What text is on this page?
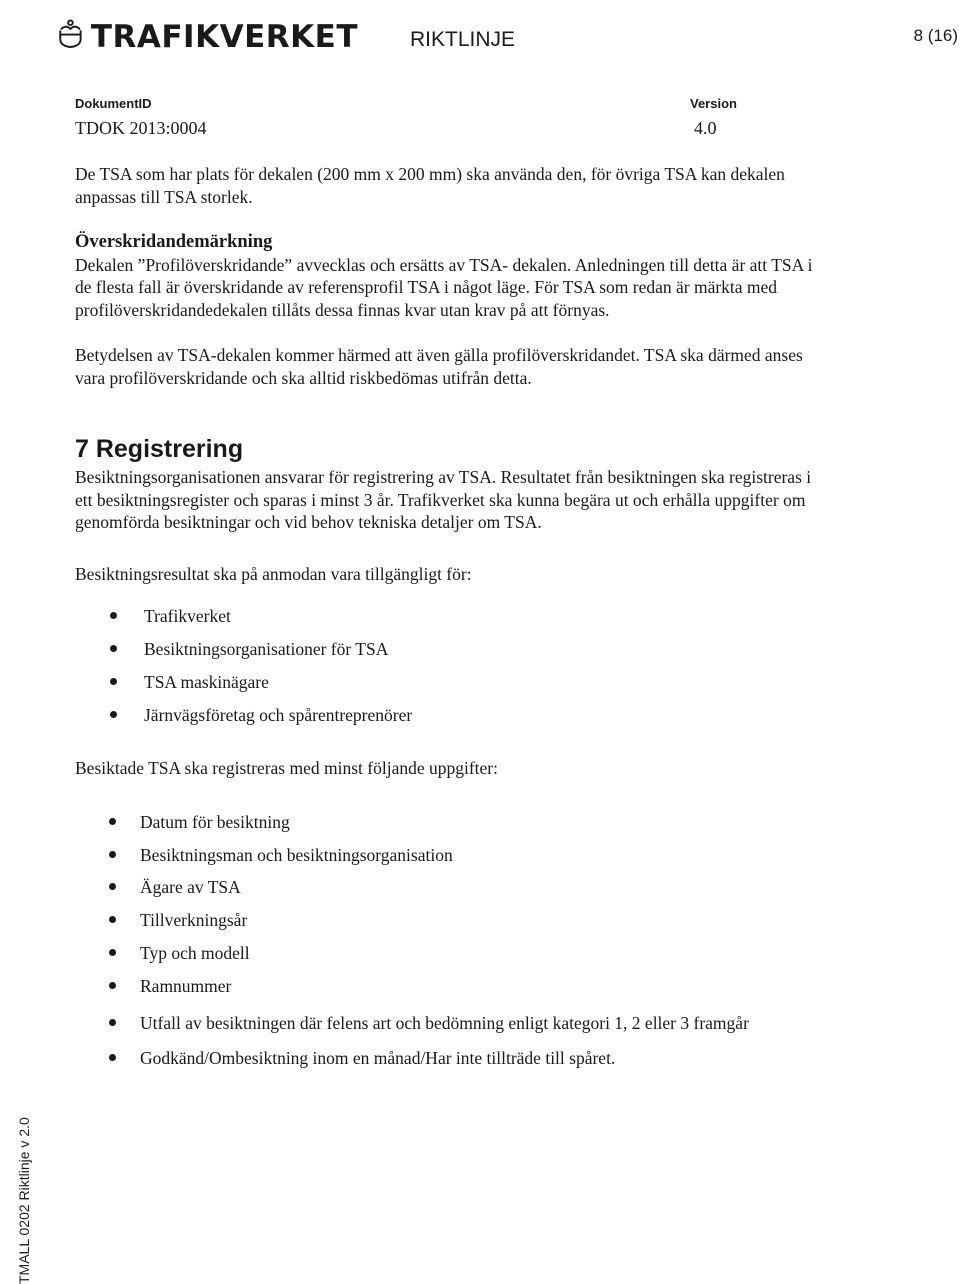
TRAFIKVERKET RIKTLINJE	8 (16)
DokumentID	Version
TDOK 2013:0004	4.0

De TSA som har plats för dekalen (200 mm x 200 mm) ska använda den, för övriga TSA kan dekalen anpassas till TSA storlek.

Överskridandemärkning

Dekalen ”Profilöverskridande” avvecklas och ersätts av TSA- dekalen. Anledningen till detta är att TSA i de flesta fall är överskridande av referensprofil TSA i något läge. För TSA som redan är märkta med profilöverskridandedekalen tillåts dessa finnas kvar utan krav på att förnyas.

Betydelsen av TSA-dekalen kommer härmed att även gälla profilöverskridandet. TSA ska därmed anses vara profilöverskridande och ska alltid riskbedömas utifrån detta.

7 Registrering

Besiktningsorganisationen ansvarar för registrering av TSA. Resultatet från besiktningen ska registreras i ett besiktningsregister och sparas i minst 3 år. Trafikverket ska kunna begära ut och erhålla uppgifter om genomförda besiktningar och vid behov tekniska detaljer om TSA.

Besiktningsresultat ska på anmodan vara tillgängligt för:

Trafikverket
Besiktningsorganisationer för TSA
TSA maskinägare
Järnvägsföretag och spårentreprenörer

Besiktade TSA ska registreras med minst följande uppgifter:

Datum för besiktning
Besiktningsman och besiktningsorganisation
Ägare av TSA
Tillverkningsår
Typ och modell
Ramnummer
Utfall av besiktningen där felens art och bedömning enligt kategori 1, 2 eller 3 framgår
Godkänd/Ombesiktning inom en månad/Har inte tillträde till spåret.
TMALL 0202 Riktlinje v 2.0
